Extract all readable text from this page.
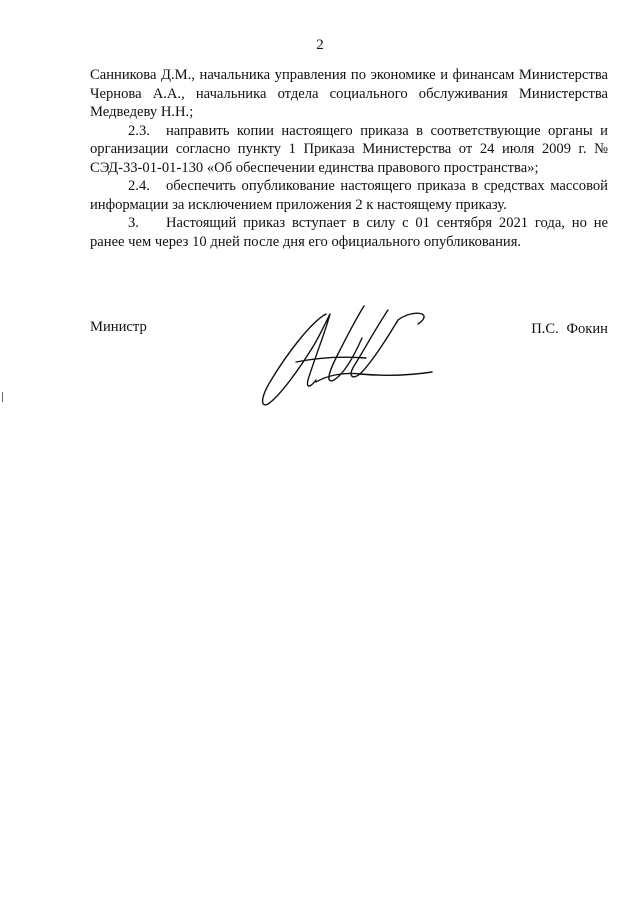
2

Санникова Д.М., начальника управления по экономике и финансам Министерства Чернова А.А., начальника отдела социального обслуживания Министерства Медведеву Н.Н.;

2.3. направить копии настоящего приказа в соответствующие органы и организации согласно пункту 1 Приказа Министерства от 24 июля 2009 г. № СЭД-33-01-01-130 «Об обеспечении единства правового пространства»;

2.4. обеспечить опубликование настоящего приказа в средствах массовой информации за исключением приложения 2 к настоящему приказу.

3. Настоящий приказ вступает в силу с 01 сентября 2021 года, но не ранее чем через 10 дней после дня его официального опубликования.

Министр	П.С. Фокин
